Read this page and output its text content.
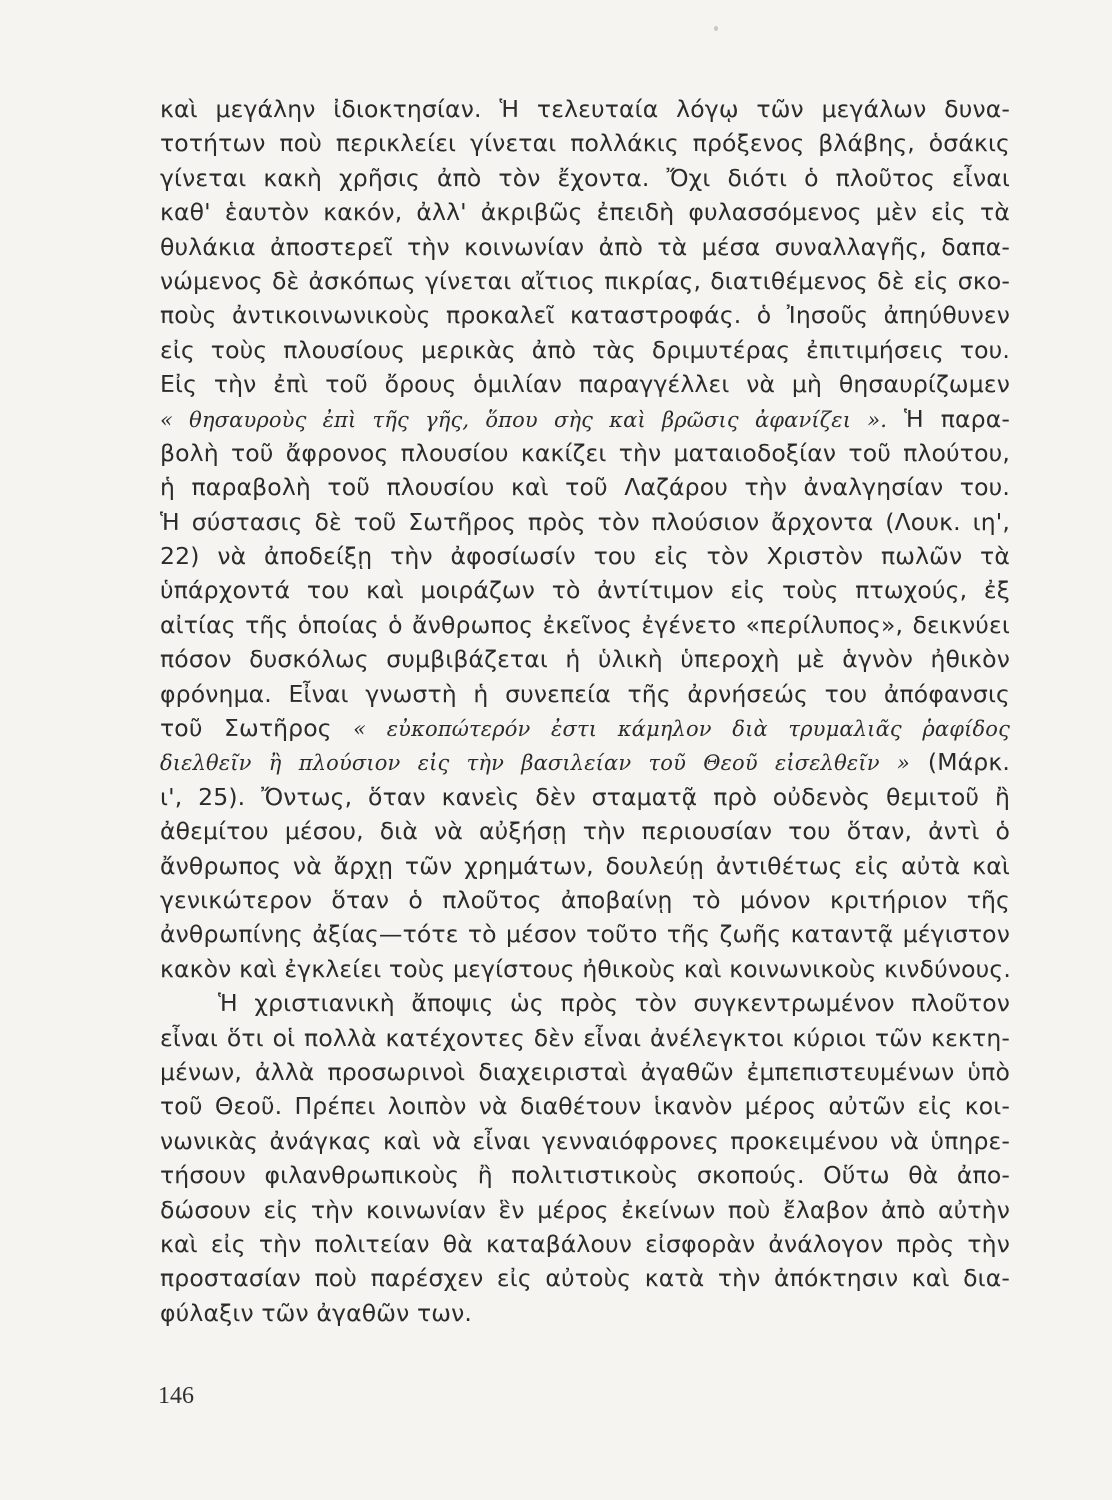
καὶ μεγάλην ἰδιοκτησίαν. Ἡ τελευταία λόγῳ τῶν μεγάλων δυνα-
τοτήτων ποὺ περικλείει γίνεται πολλάκις πρόξενος βλάβης, ὁσάκις
γίνεται κακὴ χρῆσις ἀπὸ τὸν ἔχοντα. Ὄχι διότι ὁ πλοῦτος εἶναι
καθ' ἑαυτὸν κακόν, ἀλλ' ἀκριβῶς ἐπειδὴ φυλασσόμενος μὲν εἰς τὰ
θυλάκια ἀποστερεῖ τὴν κοινωνίαν ἀπὸ τὰ μέσα συναλλαγῆς, δαπα-
νώμενος δὲ ἀσκόπως γίνεται αἴτιος πικρίας, διατιθέμενος δὲ εἰς σκο-
ποὺς ἀντικοινωνικοὺς προκαλεῖ καταστροφάς. ὁ Ἰησοῦς ἀπηύθυνεν
εἰς τοὺς πλουσίους μερικὰς ἀπὸ τὰς δριμυτέρας ἐπιτιμήσεις του.
Εἰς τὴν ἐπὶ τοῦ ὄρους ὁμιλίαν παραγγέλλει νὰ μὴ θησαυρίζωμεν
« θησαυροὺς ἐπὶ τῆς γῆς, ὅπου σὴς καὶ βρῶσις ἀφανίζει ». Ἡ παρα-
βολὴ τοῦ ἄφρονος πλουσίου κακίζει τὴν ματαιοδοξίαν τοῦ πλούτου,
ἡ παραβολὴ τοῦ πλουσίου καὶ τοῦ Λαζάρου τὴν ἀναλγησίαν του.
Ἡ σύστασις δὲ τοῦ Σωτῆρος πρὸς τὸν πλούσιον ἄρχοντα (Λουκ. ιη',
22) νὰ ἀποδείξῃ τὴν ἀφοσίωσίν του εἰς τὸν Χριστὸν πωλῶν τὰ
ὑπάρχοντά του καὶ μοιράζων τὸ ἀντίτιμον εἰς τοὺς πτωχούς, ἐξ
αἰτίας τῆς ὁποίας ὁ ἄνθρωπος ἐκεῖνος ἐγένετο «περίλυπος», δεικνύει
πόσον δυσκόλως συμβιβάζεται ἡ ὑλικὴ ὑπεροχὴ μὲ ἁγνὸν ἠθικὸν
φρόνημα. Εἶναι γνωστὴ ἡ συνεπεία τῆς ἀρνήσεώς του ἀπόφανσις
τοῦ Σωτῆρος « εὐκοπώτερόν ἐστι κάμηλον διὰ τρυμαλιᾶς ῥαφίδος
διελθεῖν ἢ πλούσιον εἰς τὴν βασιλείαν τοῦ Θεοῦ εἰσελθεῖν » (Μάρκ.
ι', 25). Ὄντως, ὅταν κανεὶς δὲν σταματᾷ πρὸ οὐδενὸς θεμιτοῦ ἢ
ἀθεμίτου μέσου, διὰ νὰ αὐξήσῃ τὴν περιουσίαν του ὅταν, ἀντὶ ὁ
ἄνθρωπος νὰ ἄρχῃ τῶν χρημάτων, δουλεύῃ ἀντιθέτως εἰς αὐτὰ καὶ
γενικώτερον ὅταν ὁ πλοῦτος ἀποβαίνῃ τὸ μόνον κριτήριον τῆς
ἀνθρωπίνης ἀξίας—τότε τὸ μέσον τοῦτο τῆς ζωῆς καταντᾷ μέγιστον
κακὸν καὶ ἐγκλείει τοὺς μεγίστους ἠθικοὺς καὶ κοινωνικοὺς κινδύνους.
Ἡ χριστιανικὴ ἄποψις ὡς πρὸς τὸν συγκεντρωμένον πλοῦτον
εἶναι ὅτι οἱ πολλὰ κατέχοντες δὲν εἶναι ἀνέλεγκτοι κύριοι τῶν κεκτη-
μένων, ἀλλὰ προσωρινοὶ διαχειρισταὶ ἀγαθῶν ἐμπεπιστευμένων ὑπὸ
τοῦ Θεοῦ. Πρέπει λοιπὸν νὰ διαθέτουν ἱκανὸν μέρος αὐτῶν εἰς κοι-
νωνικὰς ἀνάγκας καὶ νὰ εἶναι γενναιόφρονες προκειμένου νὰ ὑπηρε-
τήσουν φιλανθρωπικοὺς ἢ πολιτιστικοὺς σκοπούς. Οὕτω θὰ ἀπο-
δώσουν εἰς τὴν κοινωνίαν ἓν μέρος ἐκείνων ποὺ ἔλαβον ἀπὸ αὐτὴν
καὶ εἰς τὴν πολιτείαν θὰ καταβάλουν εἰσφορὰν ἀνάλογον πρὸς τὴν
προστασίαν ποὺ παρέσχεν εἰς αὐτοὺς κατὰ τὴν ἀπόκτησιν καὶ δια-
φύλαξιν τῶν ἀγαθῶν των.
146
